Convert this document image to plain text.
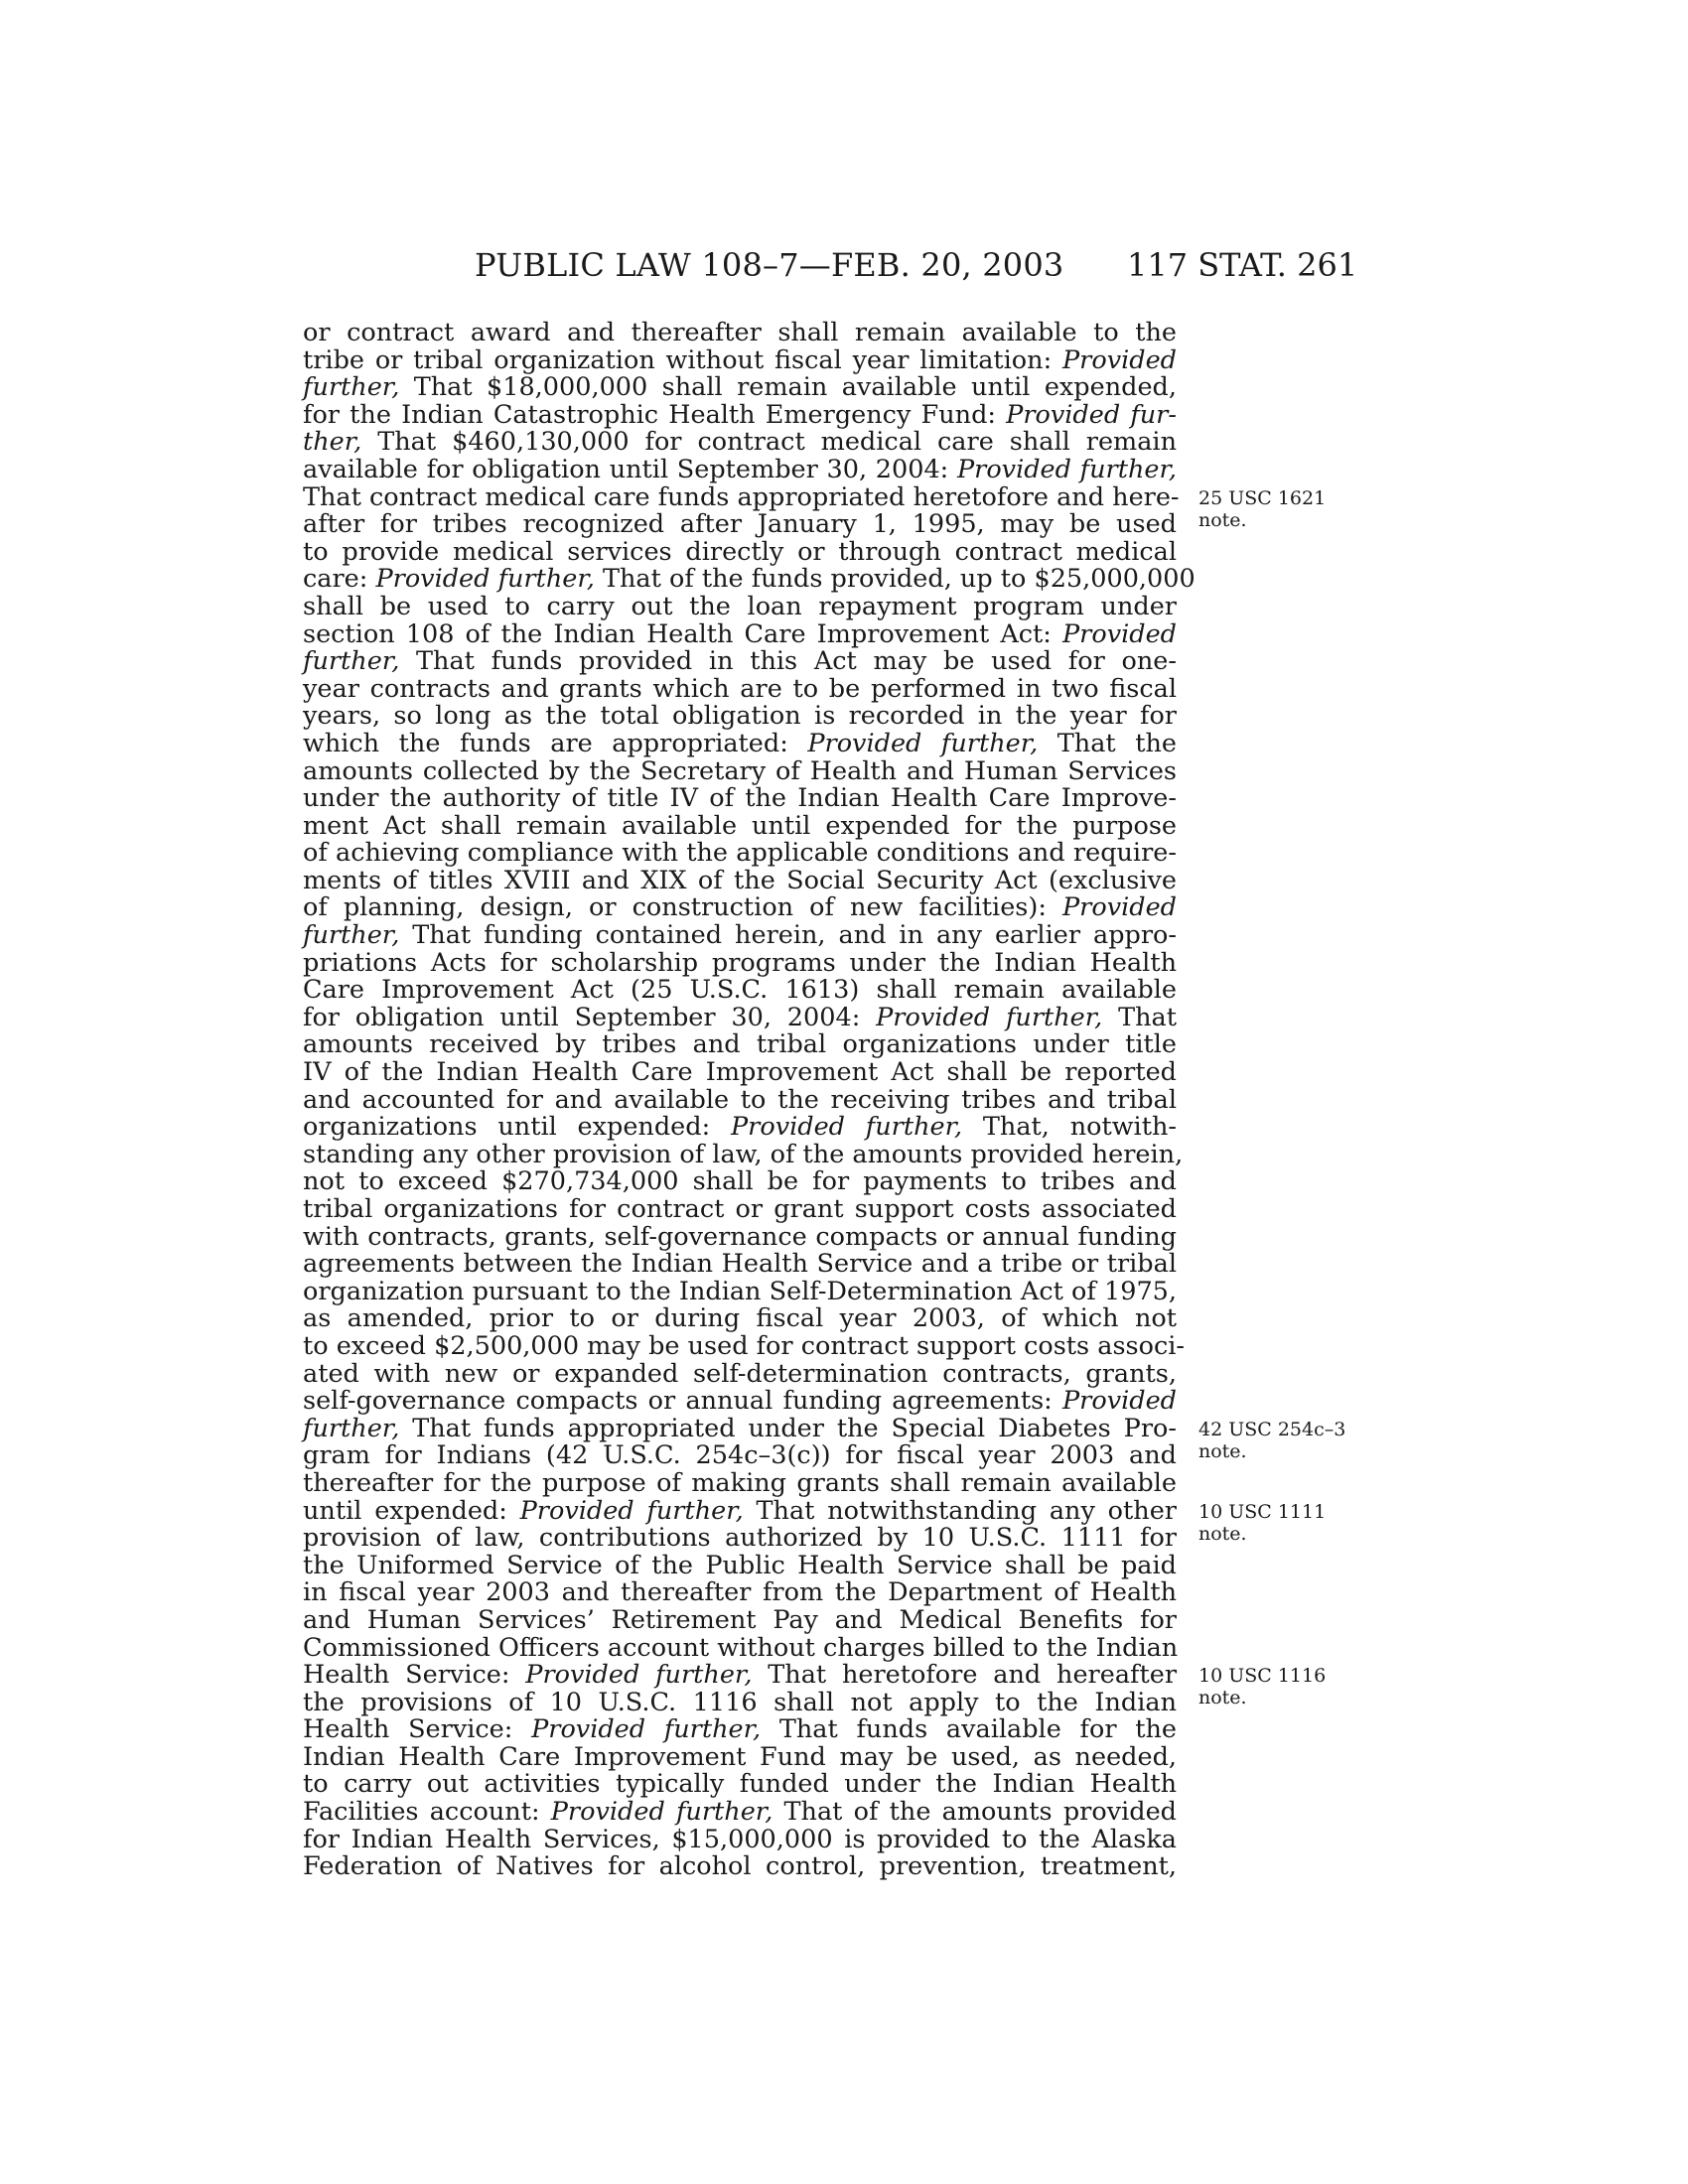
PUBLIC LAW 108–7—FEB. 20, 2003 117 STAT. 261
or contract award and thereafter shall remain available to the
tribe or tribal organization without fiscal year limitation: Provided
further, That $18,000,000 shall remain available until expended,
for the Indian Catastrophic Health Emergency Fund: Provided fur-
ther, That $460,130,000 for contract medical care shall remain
available for obligation until September 30, 2004: Provided further,
That contract medical care funds appropriated heretofore and here-
after for tribes recognized after January 1, 1995, may be used
to provide medical services directly or through contract medical
care: Provided further, That of the funds provided, up to $25,000,000
shall be used to carry out the loan repayment program under
section 108 of the Indian Health Care Improvement Act: Provided
further, That funds provided in this Act may be used for one-
year contracts and grants which are to be performed in two fiscal
years, so long as the total obligation is recorded in the year for
which the funds are appropriated: Provided further, That the
amounts collected by the Secretary of Health and Human Services
under the authority of title IV of the Indian Health Care Improve-
ment Act shall remain available until expended for the purpose
of achieving compliance with the applicable conditions and require-
ments of titles XVIII and XIX of the Social Security Act (exclusive
of planning, design, or construction of new facilities): Provided
further, That funding contained herein, and in any earlier appro-
priations Acts for scholarship programs under the Indian Health
Care Improvement Act (25 U.S.C. 1613) shall remain available
for obligation until September 30, 2004: Provided further, That
amounts received by tribes and tribal organizations under title
IV of the Indian Health Care Improvement Act shall be reported
and accounted for and available to the receiving tribes and tribal
organizations until expended: Provided further, That, notwith-
standing any other provision of law, of the amounts provided herein,
not to exceed $270,734,000 shall be for payments to tribes and
tribal organizations for contract or grant support costs associated
with contracts, grants, self-governance compacts or annual funding
agreements between the Indian Health Service and a tribe or tribal
organization pursuant to the Indian Self-Determination Act of 1975,
as amended, prior to or during fiscal year 2003, of which not
to exceed $2,500,000 may be used for contract support costs associ-
ated with new or expanded self-determination contracts, grants,
self-governance compacts or annual funding agreements: Provided
further, That funds appropriated under the Special Diabetes Pro-
gram for Indians (42 U.S.C. 254c–3(c)) for fiscal year 2003 and
thereafter for the purpose of making grants shall remain available
until expended: Provided further, That notwithstanding any other
provision of law, contributions authorized by 10 U.S.C. 1111 for
the Uniformed Service of the Public Health Service shall be paid
in fiscal year 2003 and thereafter from the Department of Health
and Human Services’ Retirement Pay and Medical Benefits for
Commissioned Officers account without charges billed to the Indian
Health Service: Provided further, That heretofore and hereafter
the provisions of 10 U.S.C. 1116 shall not apply to the Indian
Health Service: Provided further, That funds available for the
Indian Health Care Improvement Fund may be used, as needed,
to carry out activities typically funded under the Indian Health
Facilities account: Provided further, That of the amounts provided
for Indian Health Services, $15,000,000 is provided to the Alaska
Federation of Natives for alcohol control, prevention, treatment,
25 USC 1621
note.
42 USC 254c–3
note.
10 USC 1111
note.
10 USC 1116
note.
